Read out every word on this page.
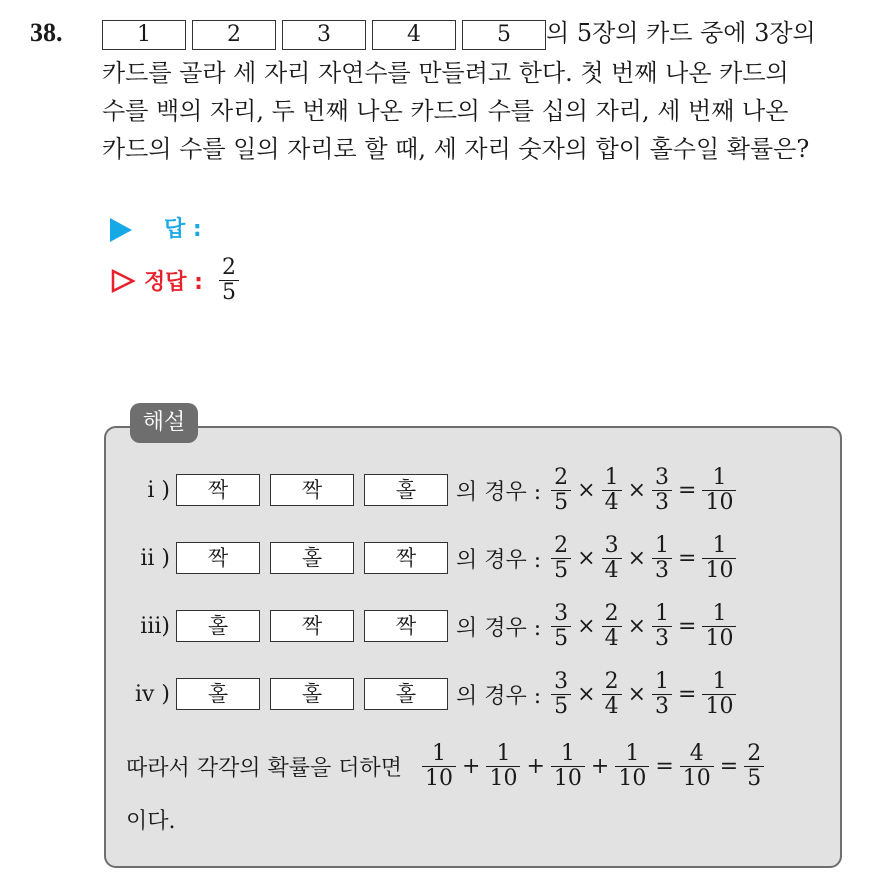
38.	1	2	3	4	5 의 5장의 카드 중에 3장의
카드를 골라 세 자리 자연수를 만들려고 한다. 첫 번째 나온 카드의
수를 백의 자리, 두 번째 나온 카드의 수를 십의 자리, 세 번째 나온
카드의 수를 일의 자리로 할 때, 세 자리 숫자의 합이 홀수일 확률은?
답 :
정답 : $\frac{2}{5}$
해설
i )	짝	짝	홀	의 경우 : $\frac{2}{5} \times \frac{1}{4} \times \frac{3}{3} = \frac{1}{10}$
ii )	짝	홀	짝	의 경우 : $\frac{2}{5} \times \frac{3}{4} \times \frac{1}{3} = \frac{1}{10}$
iii)	홀	짝	짝	의 경우 : $\frac{3}{5} \times \frac{2}{4} \times \frac{1}{3} = \frac{1}{10}$
iv )	홀	홀	홀	의 경우 : $\frac{3}{5} \times \frac{2}{4} \times \frac{1}{3} = \frac{1}{10}$
따라서 각각의 확률을 더하면 $\frac{1}{10} + \frac{1}{10} + \frac{1}{10} + \frac{1}{10} = \frac{4}{10} = \frac{2}{5}$
이다.
